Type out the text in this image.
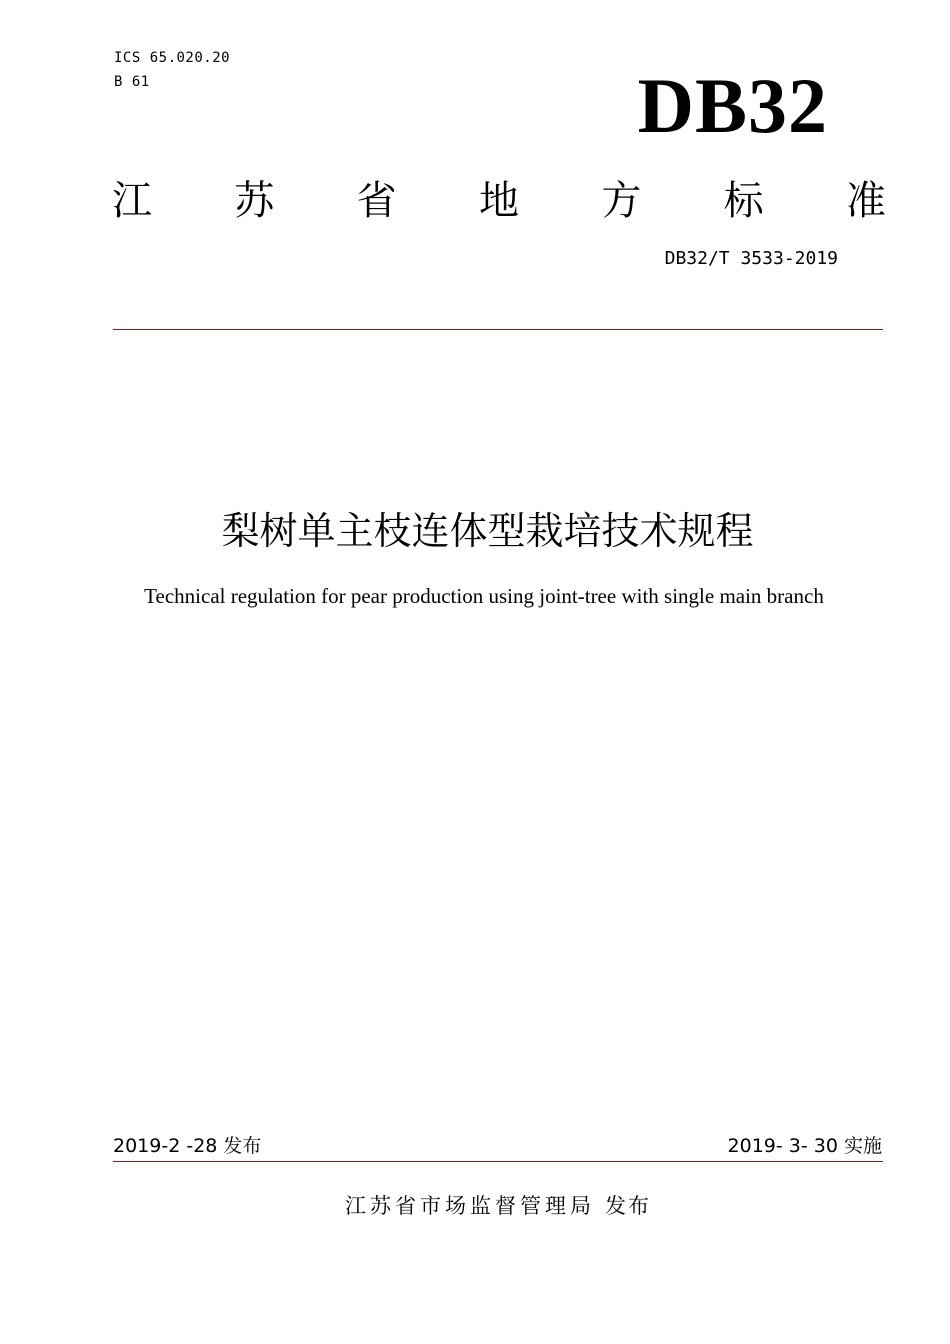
ICS 65.020.20
B 61	DB32
江 苏 省 地 方 标 准
DB32/T 3533-2019
梨树单主枝连体型栽培技术规程
Technical regulation for pear production using joint-tree with single main branch
2019-2 -28 发布	2019- 3- 30 实施
江苏省市场监督管理局 发布
